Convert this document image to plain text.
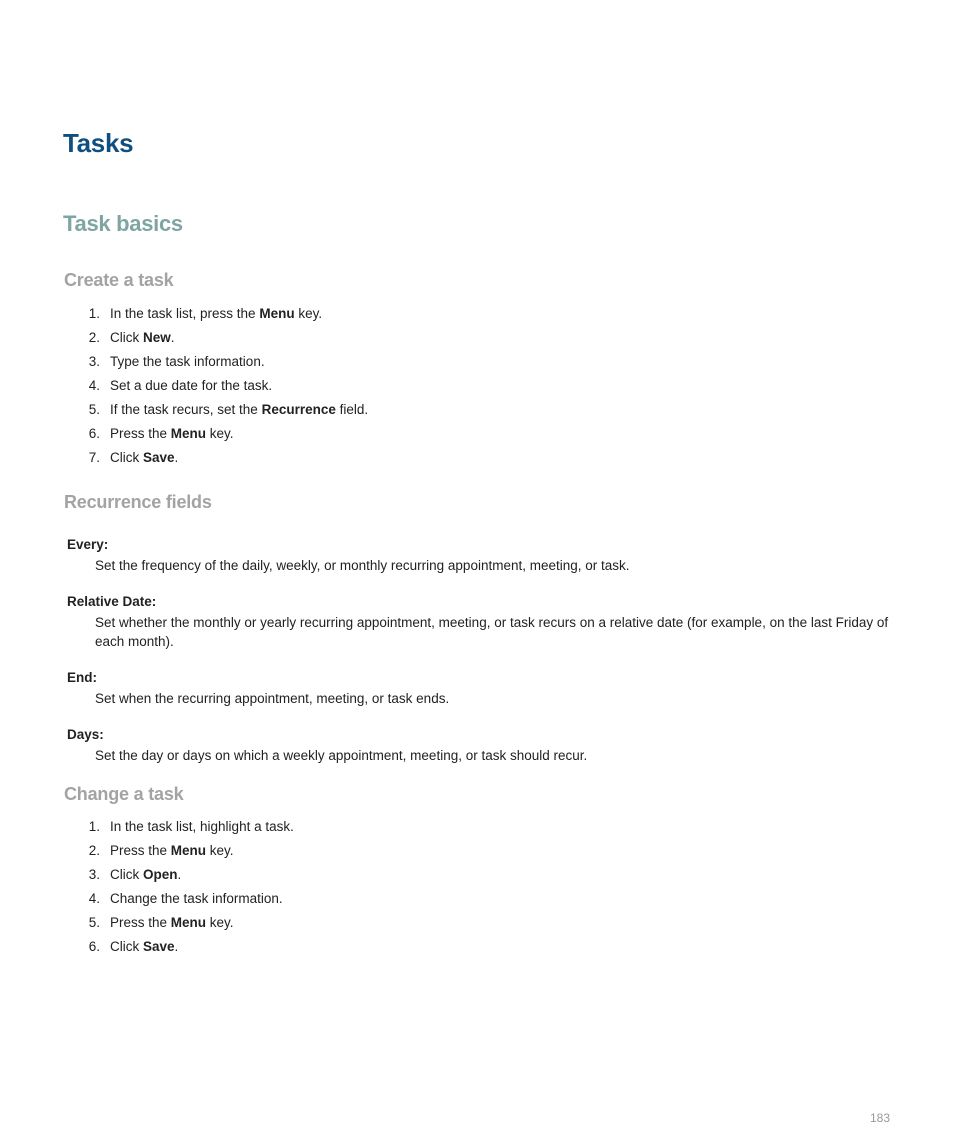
Tasks
Task basics
Create a task
1. In the task list, press the Menu key.
2. Click New.
3. Type the task information.
4. Set a due date for the task.
5. If the task recurs, set the Recurrence field.
6. Press the Menu key.
7. Click Save.
Recurrence fields
Every:
Set the frequency of the daily, weekly, or monthly recurring appointment, meeting, or task.
Relative Date:
Set whether the monthly or yearly recurring appointment, meeting, or task recurs on a relative date (for example, on the last Friday of each month).
End:
Set when the recurring appointment, meeting, or task ends.
Days:
Set the day or days on which a weekly appointment, meeting, or task should recur.
Change a task
1. In the task list, highlight a task.
2. Press the Menu key.
3. Click Open.
4. Change the task information.
5. Press the Menu key.
6. Click Save.
183
